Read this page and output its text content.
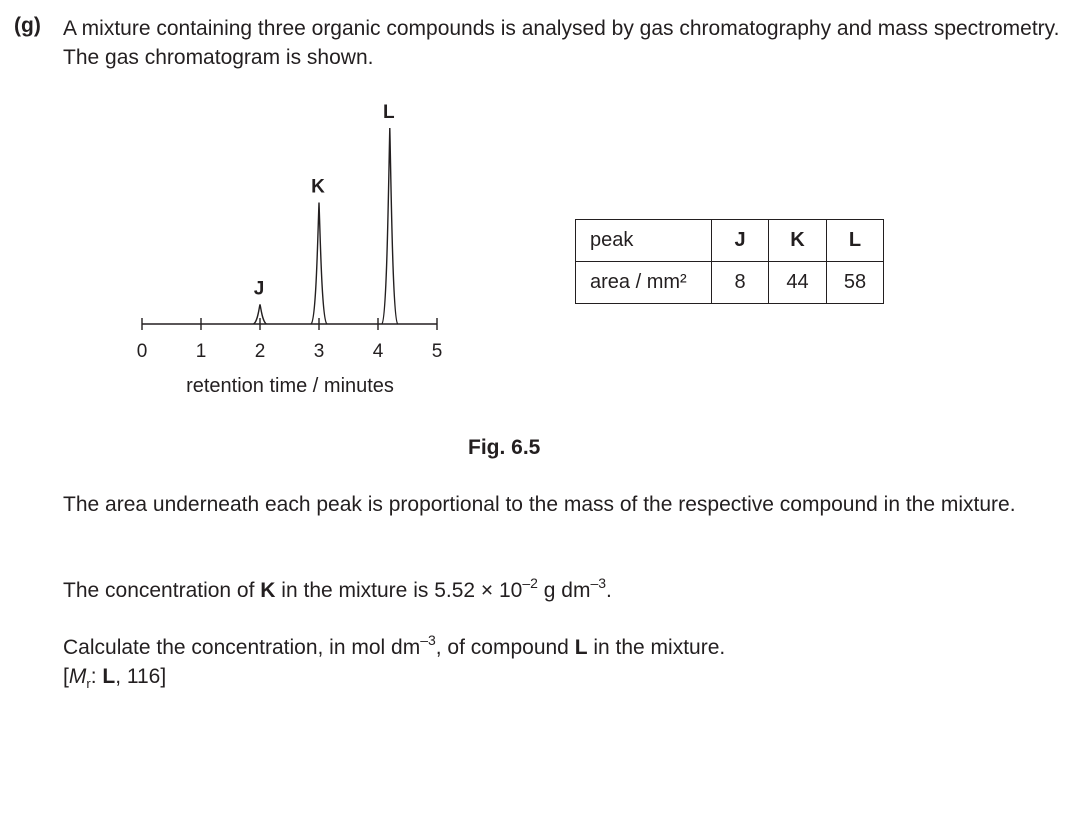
(g) A mixture containing three organic compounds is analysed by gas chromatography and mass spectrometry. The gas chromatogram is shown.
0	1	2	3	4	5
J
K
L
retention time / minutes
peak	J	K	L
area / mm²	8	44	58
Fig. 6.5
The area underneath each peak is proportional to the mass of the respective compound in the mixture.
The concentration of K in the mixture is $5.52 \times 10^{-2}$ g $dm^{-3}$.
Calculate the concentration, in mol $dm^{-3}$, of compound L in the mixture.
[$M_r$: L, 116]
